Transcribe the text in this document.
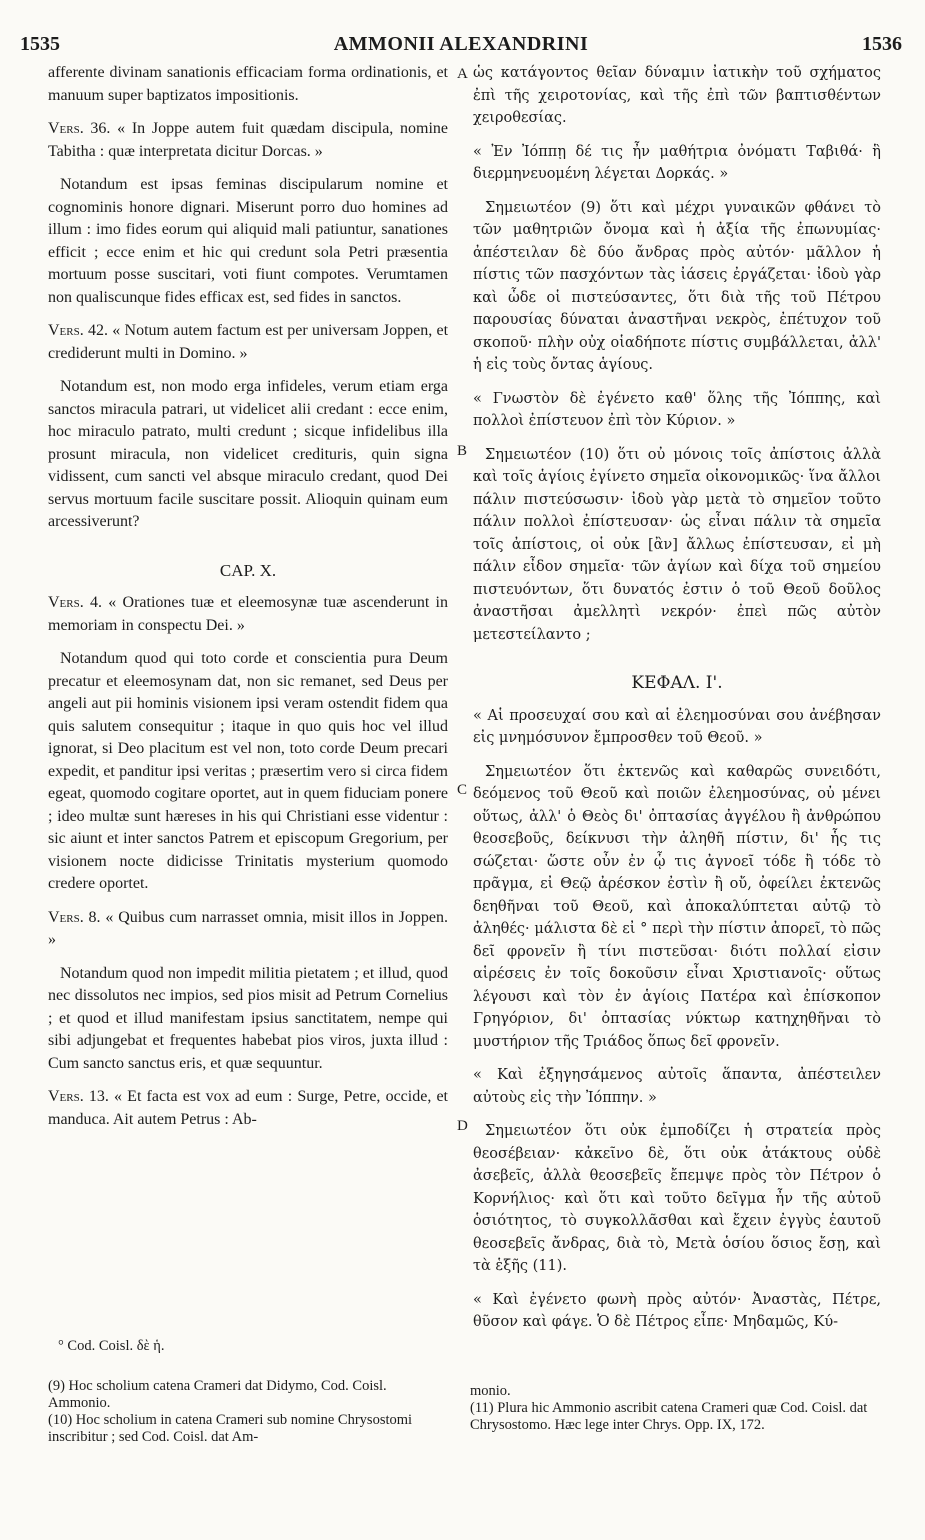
1535	AMMONII ALEXANDRINI	1536
A
B
C
D

afferente divinam sanationis efficaciam forma ordinationis, et manuum super baptizatos impositionis.

Vers. 36. « In Joppe autem fuit quædam discipula, nomine Tabitha : quæ interpretata dicitur Dorcas. »

Notandum est ipsas feminas discipularum nomine et cognominis honore dignari. Miserunt porro duo homines ad illum : imo fides eorum qui aliquid mali patiuntur, sanationes efficit ; ecce enim et hic qui credunt sola Petri præsentia mortuum posse suscitari, voti fiunt compotes. Verumtamen non qualiscunque fides efficax est, sed fides in sanctos.

Vers. 42. « Notum autem factum est per universam Joppen, et crediderunt multi in Domino. »

Notandum est, non modo erga infideles, verum etiam erga sanctos miracula patrari, ut videlicet alii credant : ecce enim, hoc miraculo patrato, multi credunt ; sicque infidelibus illa prosunt miracula, non videlicet credituris, quin signa vidissent, cum sancti vel absque miraculo credant, quod Dei servus mortuum facile suscitare possit. Alioquin quinam eum arcessiverunt?

CAP. X.

Vers. 4. « Orationes tuæ et eleemosynæ tuæ ascenderunt in memoriam in conspectu Dei. »

Notandum quod qui toto corde et conscientia pura Deum precatur et eleemosynam dat, non sic remanet, sed Deus per angeli aut pii hominis visionem ipsi veram ostendit fidem qua quis salutem consequitur ; itaque in quo quis hoc vel illud ignorat, si Deo placitum est vel non, toto corde Deum precari expedit, et panditur ipsi veritas ; præsertim vero si circa fidem egeat, quomodo cogitare oportet, aut in quem fiduciam ponere ; ideo multæ sunt hæreses in his qui Christiani esse videntur : sic aiunt et inter sanctos Patrem et episcopum Gregorium, per visionem nocte didicisse Trinitatis mysterium quomodo credere oportet.

Vers. 8. « Quibus cum narrasset omnia, misit illos in Joppen. »

Notandum quod non impedit militia pietatem ; et illud, quod nec dissolutos nec impios, sed pios misit ad Petrum Cornelius ; et quod et illud manifestam ipsius sanctitatem, nempe qui sibi adjungebat et frequentes habebat pios viros, juxta illud : Cum sancto sanctus eris, et quæ sequuntur.

Vers. 13. « Et facta est vox ad eum : Surge, Petre, occide, et manduca. Ait autem Petrus : Ab-

ὡς κατάγοντος θεῖαν δύναμιν ἰατικὴν τοῦ σχήματος ἐπὶ τῆς χειροτονίας, καὶ τῆς ἐπὶ τῶν βαπτισθέντων χειροθεσίας.

« Ἐν Ἰόππῃ δέ τις ἦν μαθήτρια ὀνόματι Ταβιθά· ἣ διερμηνευομένη λέγεται Δορκάς. »

Σημειωτέον (9) ὅτι καὶ μέχρι γυναικῶν φθάνει τὸ τῶν μαθητριῶν ὄνομα καὶ ἡ ἀξία τῆς ἐπωνυμίας· ἀπέστειλαν δὲ δύο ἄνδρας πρὸς αὐτόν· μᾶλλον ἡ πίστις τῶν πασχόντων τὰς ἰάσεις ἐργάζεται· ἰδοὺ γὰρ καὶ ὧδε οἱ πιστεύσαντες, ὅτι διὰ τῆς τοῦ Πέτρου παρουσίας δύναται ἀναστῆναι νεκρὸς, ἐπέτυχον τοῦ σκοποῦ· πλὴν οὐχ οἱαδήποτε πίστις συμβάλλεται, ἀλλ' ἡ εἰς τοὺς ὄντας ἁγίους.

« Γνωστὸν δὲ ἐγένετο καθ' ὅλης τῆς Ἰόππης, καὶ πολλοὶ ἐπίστευον ἐπὶ τὸν Κύριον. »

Σημειωτέον (10) ὅτι οὐ μόνοις τοῖς ἀπίστοις ἀλλὰ καὶ τοῖς ἁγίοις ἐγίνετο σημεῖα οἰκονομικῶς· ἵνα ἄλλοι πάλιν πιστεύσωσιν· ἰδοὺ γὰρ μετὰ τὸ σημεῖον τοῦτο πάλιν πολλοὶ ἐπίστευσαν· ὡς εἶναι πάλιν τὰ σημεῖα τοῖς ἀπίστοις, οἱ οὐκ [ἂν] ἄλλως ἐπίστευσαν, εἰ μὴ πάλιν εἶδον σημεῖα· τῶν ἁγίων καὶ δίχα τοῦ σημείου πιστευόντων, ὅτι δυνατός ἐστιν ὁ τοῦ Θεοῦ δοῦλος ἀναστῆσαι ἀμελλητὶ νεκρόν· ἐπεὶ πῶς αὐτὸν μετεστείλαντο ;

ΚΕΦΑΛ. Ι'.

« Αἱ προσευχαί σου καὶ αἱ ἐλεημοσύναι σου ἀνέβησαν εἰς μνημόσυνον ἔμπροσθεν τοῦ Θεοῦ. »

Σημειωτέον ὅτι ἐκτενῶς καὶ καθαρῶς συνειδότι, δεόμενος τοῦ Θεοῦ καὶ ποιῶν ἐλεημοσύνας, οὐ μένει οὕτως, ἀλλ' ὁ Θεὸς δι' ὀπτασίας ἀγγέλου ἢ ἀνθρώπου θεοσεβοῦς, δείκνυσι τὴν ἀληθῆ πίστιν, δι' ἧς τις σώζεται· ὥστε οὖν ἐν ᾧ τις ἀγνοεῖ τόδε ἢ τόδε τὸ πρᾶγμα, εἰ Θεῷ ἀρέσκον ἐστὶν ἢ οὔ, ὀφείλει ἐκτενῶς δεηθῆναι τοῦ Θεοῦ, καὶ ἀποκαλύπτεται αὐτῷ τὸ ἀληθές· μάλιστα δὲ εἰ ° περὶ τὴν πίστιν ἀπορεῖ, τὸ πῶς δεῖ φρονεῖν ἢ τίνι πιστεῦσαι· διότι πολλαί εἰσιν αἱρέσεις ἐν τοῖς δοκοῦσιν εἶναι Χριστιανοῖς· οὕτως λέγουσι καὶ τὸν ἐν ἁγίοις Πατέρα καὶ ἐπίσκοπον Γρηγόριον, δι' ὀπτασίας νύκτωρ κατηχηθῆναι τὸ μυστήριον τῆς Τριάδος ὅπως δεῖ φρονεῖν.

« Καὶ ἐξηγησάμενος αὐτοῖς ἅπαντα, ἀπέστειλεν αὐτοὺς εἰς τὴν Ἰόππην. »

Σημειωτέον ὅτι οὐκ ἐμποδίζει ἡ στρατεία πρὸς θεοσέβειαν· κἀκεῖνο δὲ, ὅτι οὐκ ἀτάκτους οὐδὲ ἀσεβεῖς, ἀλλὰ θεοσεβεῖς ἔπεμψε πρὸς τὸν Πέτρον ὁ Κορνήλιος· καὶ ὅτι καὶ τοῦτο δεῖγμα ἦν τῆς αὐτοῦ ὁσιότητος, τὸ συγκολλᾶσθαι καὶ ἔχειν ἐγγὺς ἑαυτοῦ θεοσεβεῖς ἄνδρας, διὰ τὸ, Μετὰ ὁσίου ὅσιος ἔσῃ, καὶ τὰ ἑξῆς (11).

« Καὶ ἐγένετο φωνὴ πρὸς αὐτόν· Ἀναστὰς, Πέτρε, θῦσον καὶ φάγε. Ὁ δὲ Πέτρος εἶπε· Μηδαμῶς, Κύ-

° Cod. Coisl. δὲ ἡ.
(9) Hoc scholium catena Crameri dat Didymo, Cod. Coisl. Ammonio.
(10) Hoc scholium in catena Crameri sub nomine Chrysostomi inscribitur ; sed Cod. Coisl. dat Am-
monio.
(11) Plura hic Ammonio ascribit catena Crameri quæ Cod. Coisl. dat Chrysostomo. Hæc lege inter Chrys. Opp. IX, 172.
